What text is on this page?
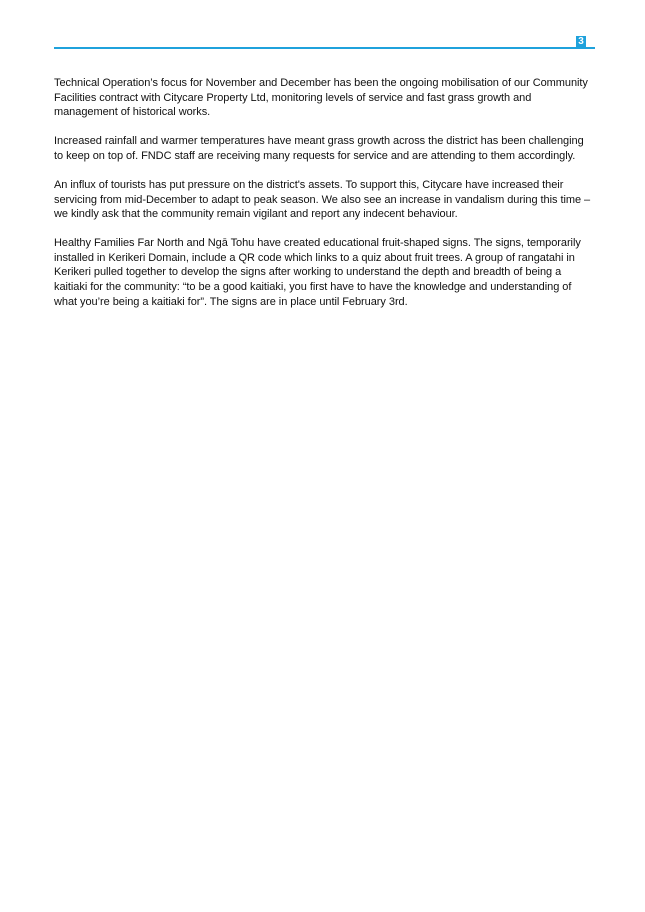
3

Technical Operation’s focus for November and December has been the ongoing mobilisation of our Community Facilities contract with Citycare Property Ltd, monitoring levels of service and fast grass growth and management of historical works.

Increased rainfall and warmer temperatures have meant grass growth across the district has been challenging to keep on top of. FNDC staff are receiving many requests for service and are attending to them accordingly.

An influx of tourists has put pressure on the district's assets. To support this, Citycare have increased their servicing from mid-December to adapt to peak season. We also see an increase in vandalism during this time – we kindly ask that the community remain vigilant and report any indecent behaviour.

Healthy Families Far North and Ngā Tohu have created educational fruit-shaped signs. The signs, temporarily installed in Kerikeri Domain, include a QR code which links to a quiz about fruit trees. A group of rangatahi in Kerikeri pulled together to develop the signs after working to understand the depth and breadth of being a kaitiaki for the community: “to be a good kaitiaki, you first have to have the knowledge and understanding of what you’re being a kaitiaki for”. The signs are in place until February 3rd.
